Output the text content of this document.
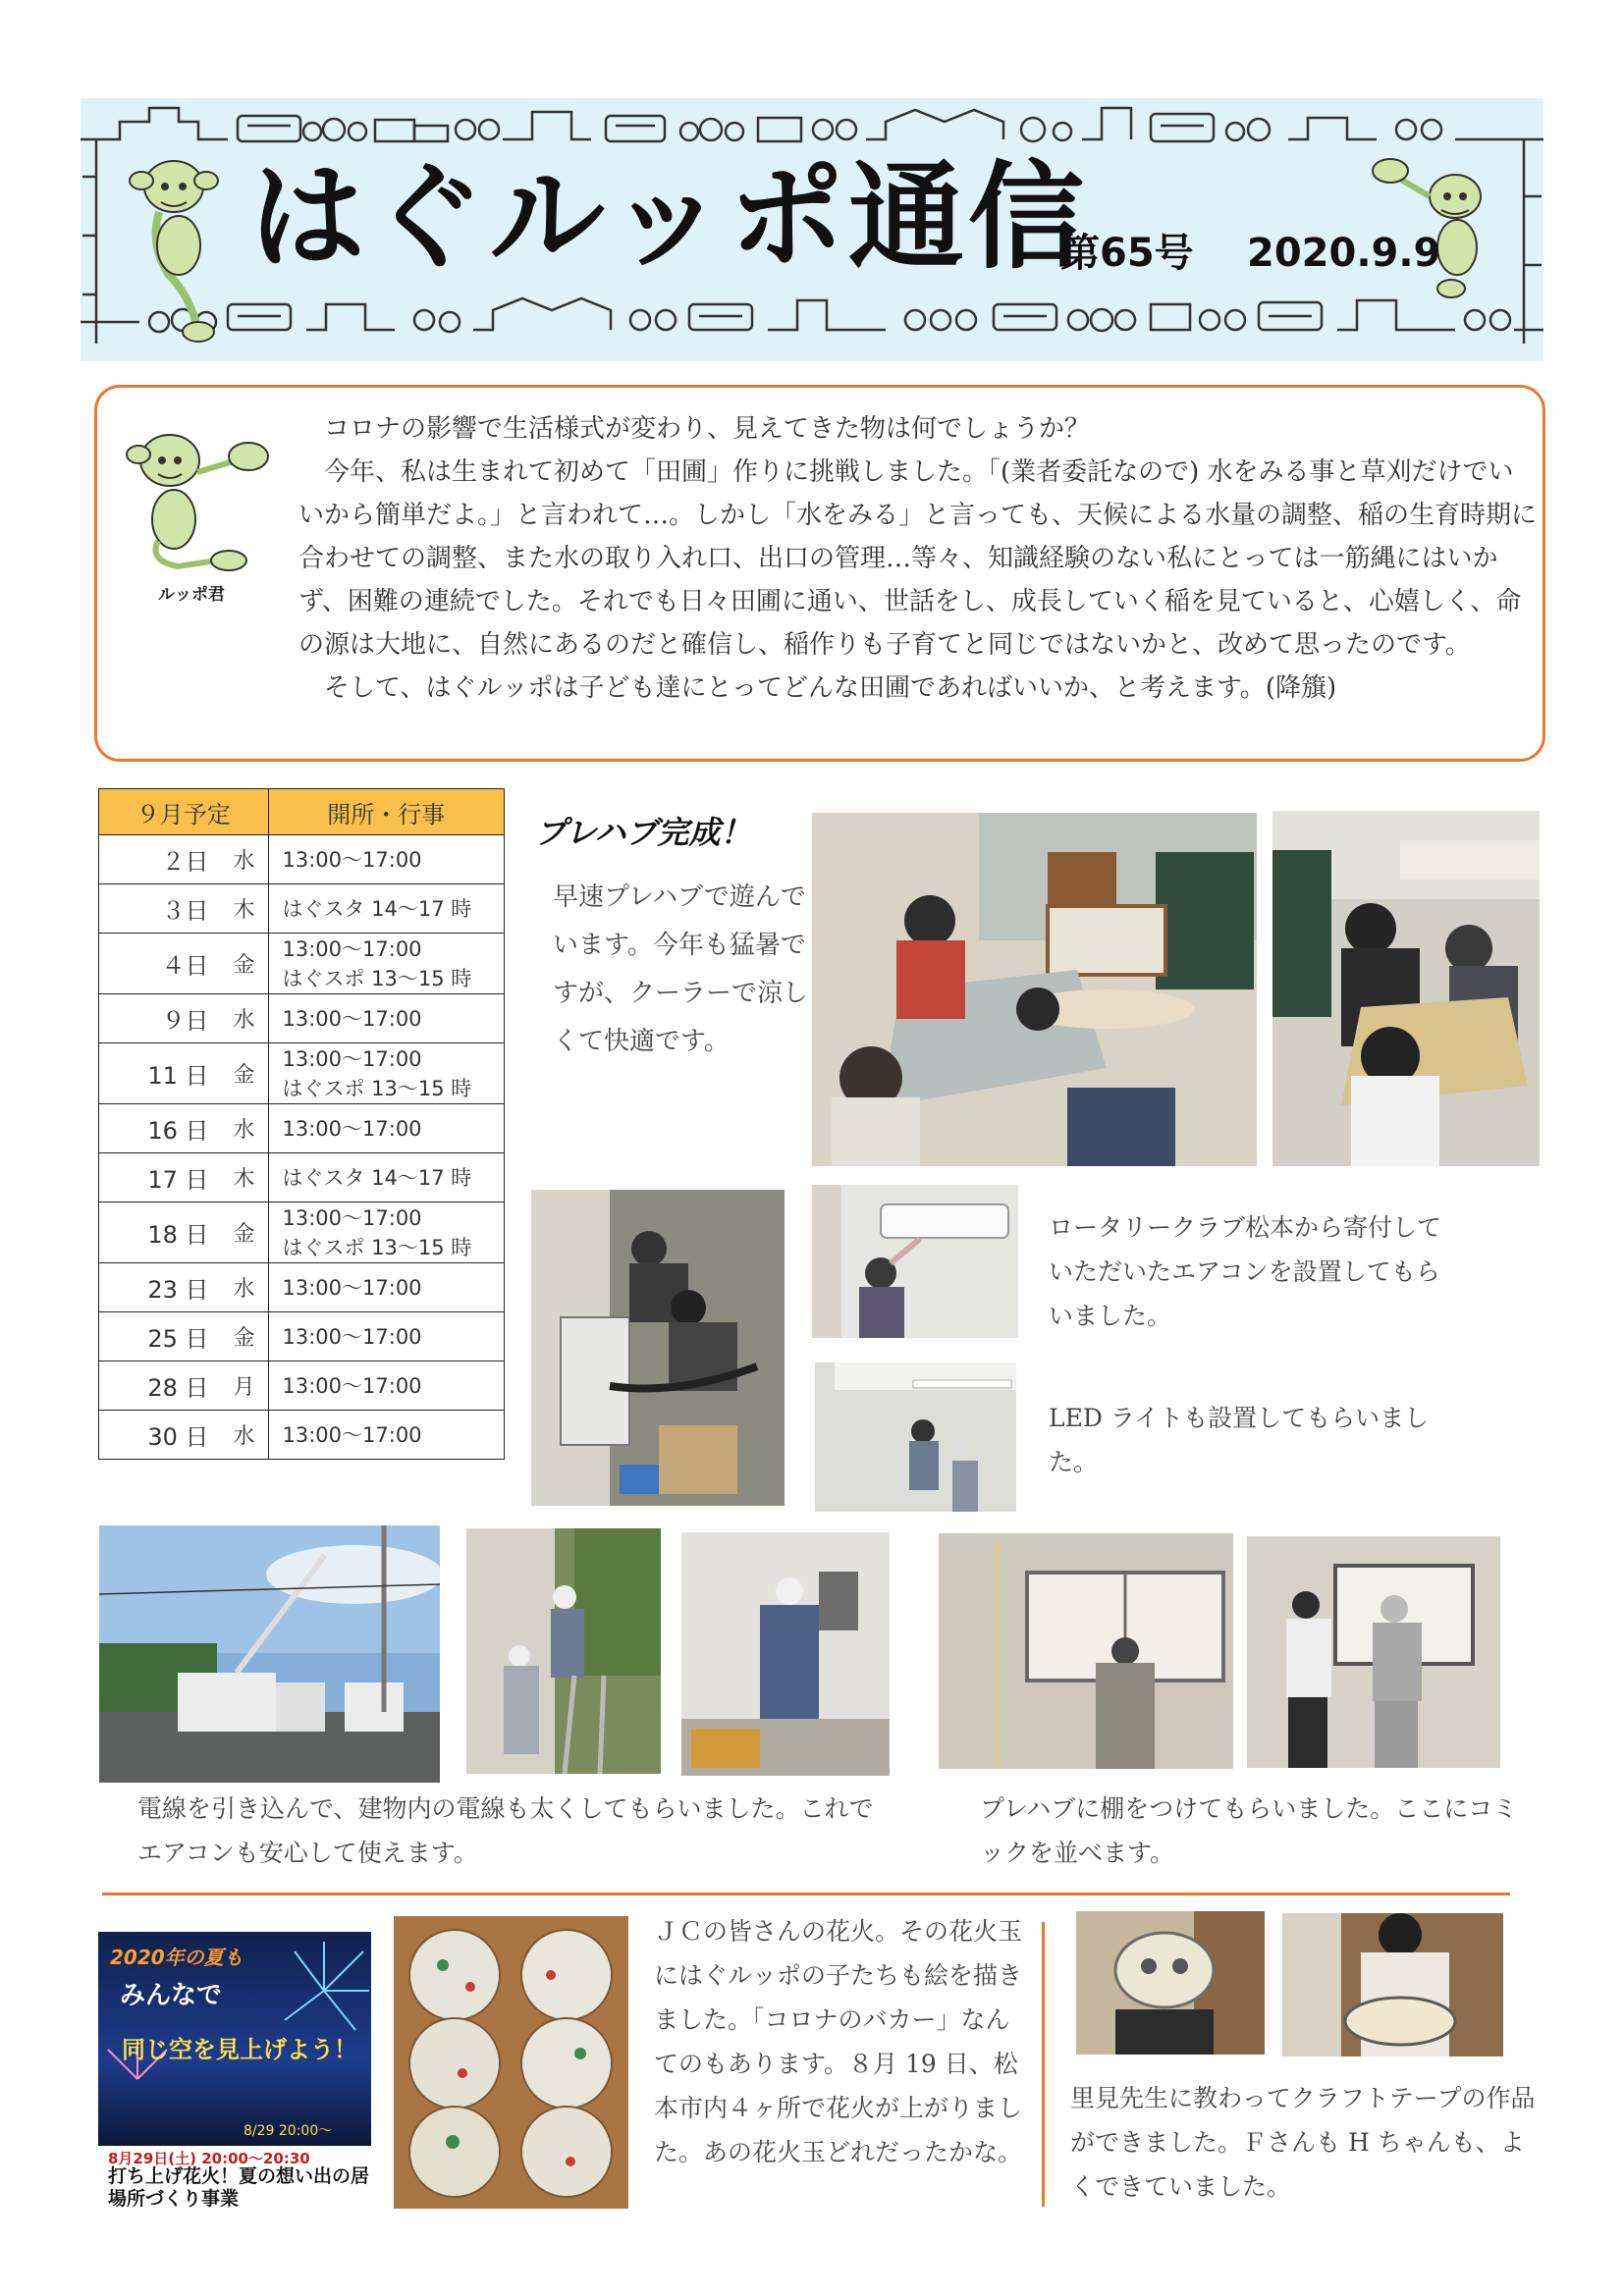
はぐルッポ通信
第65号 2020.9.9
ルッポ君

コロナの影響で生活様式が変わり、見えてきた物は何でしょうか？

今年、私は生まれて初めて「田圃」作りに挑戦しました。「(業者委託なので) 水をみる事と草刈だけでいいから簡単だよ。」と言われて…。しかし「水をみる」と言っても、天候による水量の調整、稲の生育時期に合わせての調整、また水の取り入れ口、出口の管理…等々、知識経験のない私にとっては一筋縄にはいかず、困難の連続でした。それでも日々田圃に通い、世話をし、成長していく稲を見ていると、心嬉しく、命の源は大地に、自然にあるのだと確信し、稲作りも子育てと同じではないかと、改めて思ったのです。

そして、はぐルッポは子ども達にとってどんな田圃であればいいか、と考えます。(降籏)

９月予定		開所・行事
２日	水	13:00～17:00

３日	木	はぐスタ 14～17 時

４日	金	13:00～17:00
はぐスポ 13～15 時

９日	水	13:00～17:00

11 日	金	13:00～17:00
はぐスポ 13～15 時

16 日	水	13:00～17:00

17 日	木	はぐスタ 14～17 時

18 日	金	13:00～17:00
はぐスポ 13～15 時

23 日	水	13:00～17:00

25 日	金	13:00～17:00

28 日	月	13:00～17:00

30 日	水	13:00～17:00
プレハブ完成！
早速プレハブで遊んでいます。今年も猛暑ですが、クーラーで涼しくて快適です。
ロータリークラブ松本から寄付していただいたエアコンを設置してもらいました。
LED ライトも設置してもらいました。
電線を引き込んで、建物内の電線も太くしてもらいました。これでエアコンも安心して使えます。
プレハブに棚をつけてもらいました。ここにコミックを並べます。
2020年の夏も
みんなで
同じ空を見上げよう！
8/29 20:00～
8月29日(土) 20:00～20:30
打ち上げ花火！夏の想い出の居場所づくり事業
ＪＣの皆さんの花火。その花火玉にはぐルッポの子たちも絵を描きました。「コロナのバカー」なんてのもあります。８月 19 日、松本市内４ヶ所で花火が上がりました。あの花火玉どれだったかな。
里見先生に教わってクラフトテープの作品ができました。Ｆさんも H ちゃんも、よくできていました。
